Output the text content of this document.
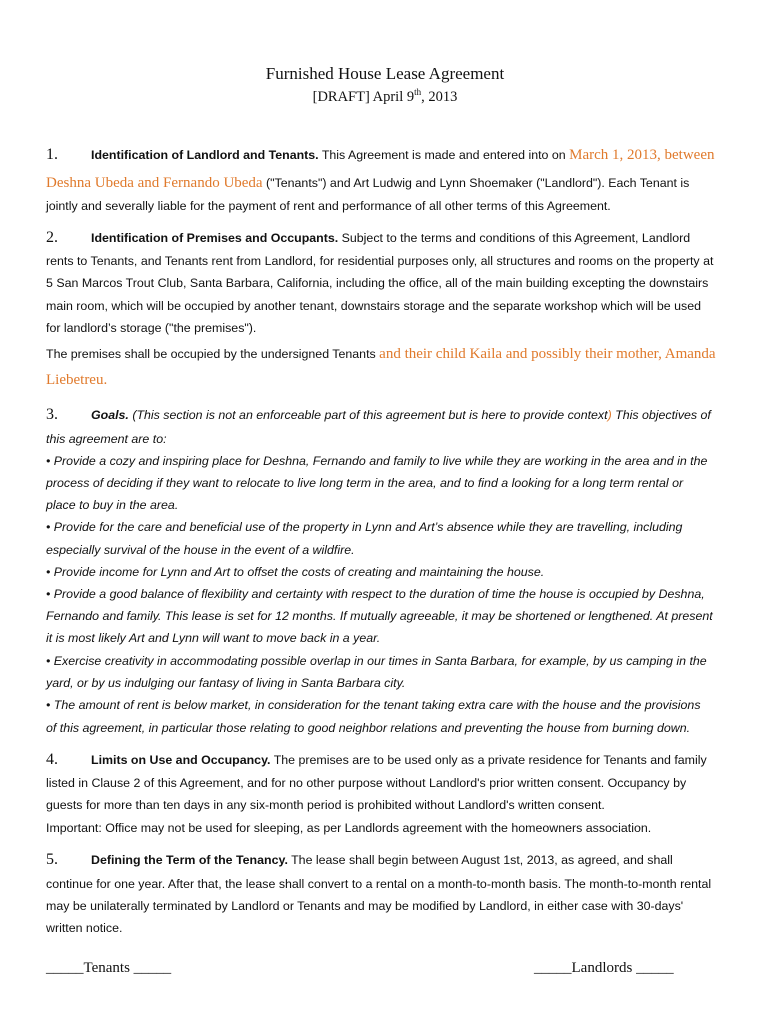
Furnished House Lease Agreement
[DRAFT] April 9th, 2013
1.	Identification of Landlord and Tenants. This Agreement is made and entered into on March 1, 2013, between
Deshna Ubeda and Fernando Ubeda ("Tenants") and Art Ludwig and Lynn Shoemaker ("Landlord"). Each Tenant is
jointly and severally liable for the payment of rent and performance of all other terms of this Agreement.
2.	Identification of Premises and Occupants. Subject to the terms and conditions of this Agreement, Landlord
rents to Tenants, and Tenants rent from Landlord, for residential purposes only, all structures and rooms on the property at
5 San Marcos Trout Club, Santa Barbara, California, including the office, all of the main building excepting the downstairs
main room, which will be occupied by another tenant, downstairs storage and the separate workshop which will be used
for landlord’s storage ("the premises").
The premises shall be occupied by the undersigned Tenants and their child Kaila and possibly their mother, Amanda
Liebetreu.
3.	Goals. (This section is not an enforceable part of this agreement but is here to provide context) This objectives of
this agreement are to:
• Provide a cozy and inspiring place for Deshna, Fernando and family to live while they are working in the area and in the
process of deciding if they want to relocate to live long term in the area, and to find a looking for a long term rental or
place to buy in the area.
• Provide for the care and beneficial use of the property in Lynn and Art’s absence while they are travelling, including
especially survival of the house in the event of a wildfire.
• Provide income for Lynn and Art to offset the costs of creating and maintaining the house.
• Provide a good balance of flexibility and certainty with respect to the duration of time the house is occupied by Deshna,
Fernando and family. This lease is set for 12 months. If mutually agreeable, it may be shortened or lengthened. At present
it is most likely Art and Lynn will want to move back in a year.
• Exercise creativity in accommodating possible overlap in our times in Santa Barbara, for example, by us camping in the
yard, or by us indulging our fantasy of living in Santa Barbara city.
• The amount of rent is below market, in consideration for the tenant taking extra care with the house and the provisions
of this agreement, in particular those relating to good neighbor relations and preventing the house from burning down.
4.	Limits on Use and Occupancy. The premises are to be used only as a private residence for Tenants and family
listed in Clause 2 of this Agreement, and for no other purpose without Landlord's prior written consent. Occupancy by
guests for more than ten days in any six-month period is prohibited without Landlord's written consent.
Important: Office may not be used for sleeping, as per Landlords agreement with the homeowners association.
5.	Defining the Term of the Tenancy. The lease shall begin between August 1st, 2013, as agreed, and shall
continue for one year. After that, the lease shall convert to a rental on a month-to-month basis. The month-to-month rental
may be unilaterally terminated by Landlord or Tenants and may be modified by Landlord, in either case with 30-days'
written notice.
_____Tenants _____	_____Landlords _____
